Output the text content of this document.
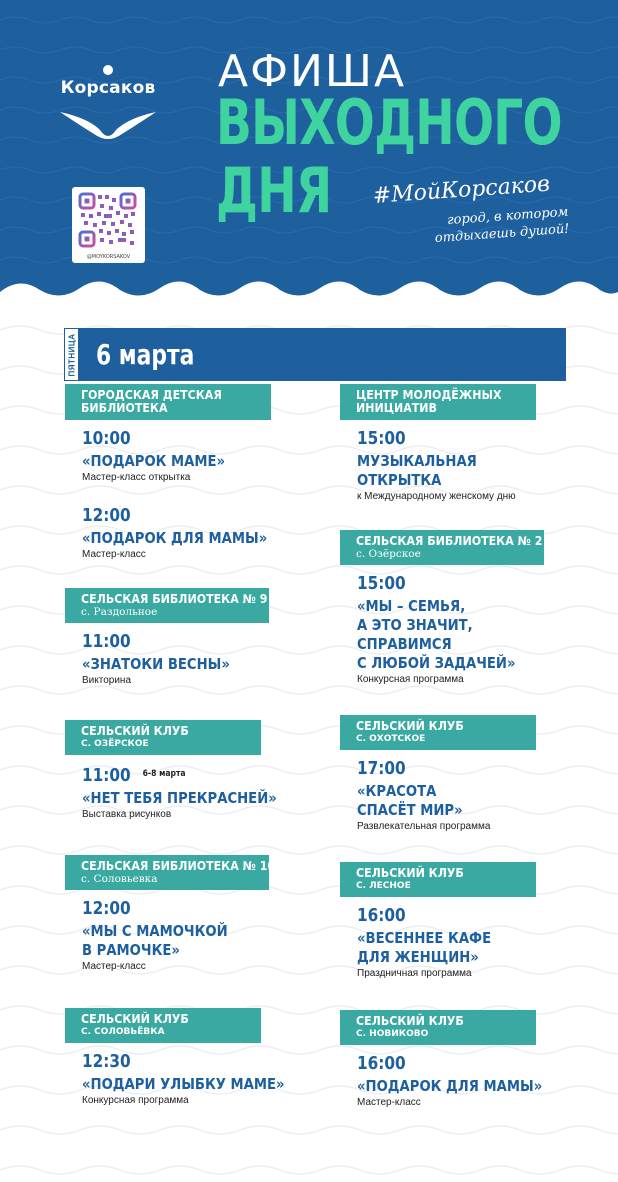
Корсаков
@MOYKORSAKOV
АФИША
ВЫХОДНОГО
ДНЯ #МойКорсаков
город, в котором
отдыхаешь душой!
ПЯТНИЦА 6 марта
ГОРОДСКАЯ ДЕТСКАЯ
БИБЛИОТЕКА
10:00
«ПОДАРОК МАМЕ»
Мастер-класс открытка
12:00
«ПОДАРОК ДЛЯ МАМЫ»
Мастер-класс
СЕЛЬСКАЯ БИБЛИОТЕКА № 9
с. Раздольное
11:00
«ЗНАТОКИ ВЕСНЫ»
Викторина
СЕЛЬСКИЙ КЛУБ
С. ОЗЁРСКОЕ
11:00 $^{6-8 марта}$
«НЕТ ТЕБЯ ПРЕКРАСНЕЙ»
Выставка рисунков
СЕЛЬСКАЯ БИБЛИОТЕКА № 10
с. Соловьевка
12:00
«МЫ С МАМОЧКОЙ
В РАМОЧКЕ»
Мастер-класс
СЕЛЬСКИЙ КЛУБ
С. СОЛОВЬЁВКА
12:30
«ПОДАРИ УЛЫБКУ МАМЕ»
Конкурсная программа
ЦЕНТР МОЛОДЁЖНЫХ
ИНИЦИАТИВ
15:00
МУЗЫКАЛЬНАЯ
ОТКРЫТКА
к Международному женскому дню
СЕЛЬСКАЯ БИБЛИОТЕКА № 2
с. Озёрское
15:00
«МЫ – СЕМЬЯ,
А ЭТО ЗНАЧИТ,
СПРАВИМСЯ
С ЛЮБОЙ ЗАДАЧЕЙ»
Конкурсная программа
СЕЛЬСКИЙ КЛУБ
С. ОХОТСКОЕ
17:00
«КРАСОТА
СПАСЁТ МИР»
Развлекательная программа
СЕЛЬСКИЙ КЛУБ
С. ЛЕСНОЕ
16:00
«ВЕСЕННЕЕ КАФЕ
ДЛЯ ЖЕНЩИН»
Праздничная программа
СЕЛЬСКИЙ КЛУБ
С. НОВИКОВО
16:00
«ПОДАРОК ДЛЯ МАМЫ»
Мастер-класс
